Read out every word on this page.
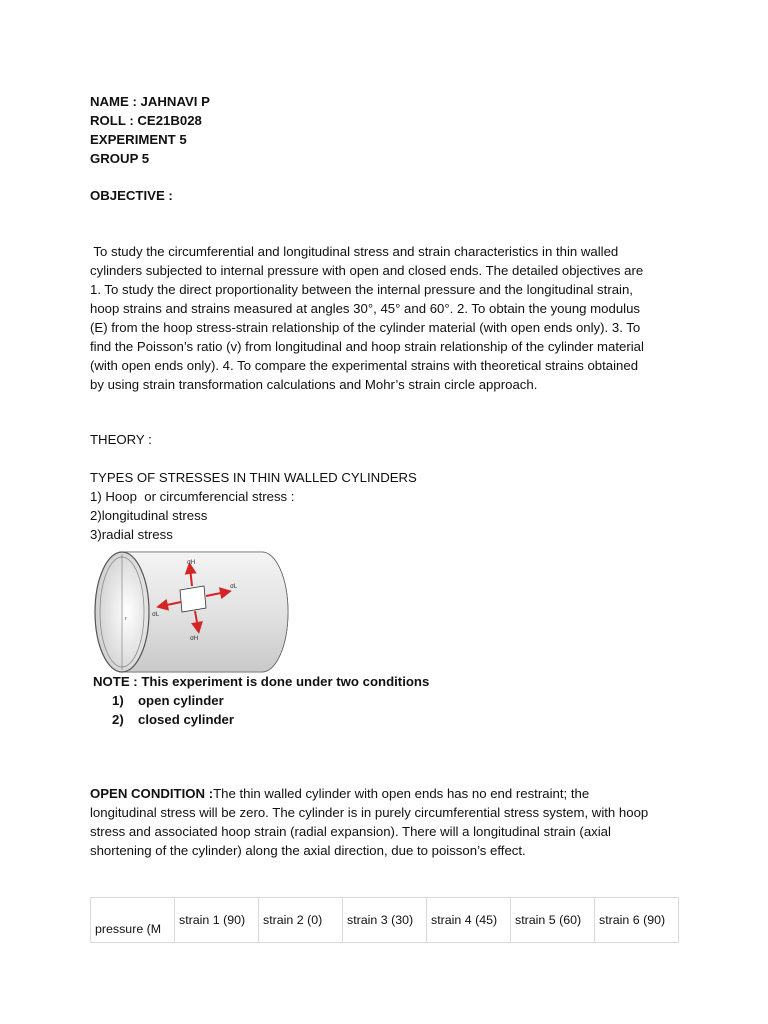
NAME : JAHNAVI P
ROLL : CE21B028
EXPERIMENT 5
GROUP 5
OBJECTIVE :

To study the circumferential and longitudinal stress and strain characteristics in thin walled

cylinders subjected to internal pressure with open and closed ends. The detailed objectives are

1. To study the direct proportionality between the internal pressure and the longitudinal strain,

hoop strains and strains measured at angles 30°, 45° and 60°. 2. To obtain the young modulus

(E) from the hoop stress-strain relationship of the cylinder material (with open ends only). 3. To

find the Poisson’s ratio (v) from longitudinal and hoop strain relationship of the cylinder material

(with open ends only). 4. To compare the experimental strains with theoretical strains obtained

by using strain transformation calculations and Mohr’s strain circle approach.

THEORY :
TYPES OF STRESSES IN THIN WALLED CYLINDERS
1) Hoop  or circumferencial stress :
2)longitudinal stress
3)radial stress
r
σH
σL
σL
σH
NOTE : This experiment is done under two conditions
1) open cylinder
2) closed cylinder

OPEN CONDITION :The thin walled cylinder with open ends has no end restraint; the

longitudinal stress will be zero. The cylinder is in purely circumferential stress system, with hoop

stress and associated hoop strain (radial expansion). There will a longitudinal strain (axial

shortening of the cylinder) along the axial direction, due to poisson’s effect.

pressure (M	strain 1 (90)	strain 2 (0)	strain 3 (30)	strain 4 (45)	strain 5 (60)	strain 6 (90)
